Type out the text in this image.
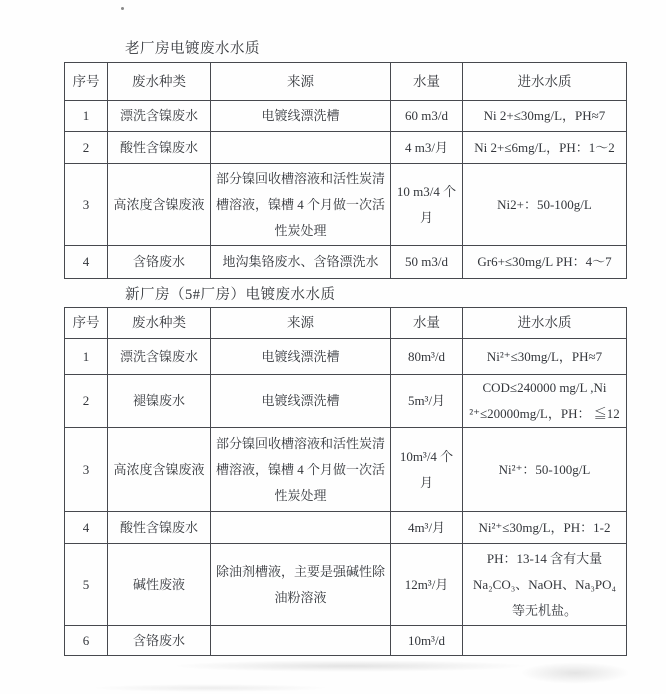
老厂房电镀废水水质
序号	废水种类	来源	水量	进水水质
1	漂洗含镍废水	电镀线漂洗槽	60 m3/d	Ni 2+≤30mg/L，PH≈7
2	酸性含镍废水		4 m3/月	Ni 2+≤6mg/L，PH：1～2
3	高浓度含镍废液	部分镍回收槽溶液和活性炭清槽溶液，镍槽 4 个月做一次活性炭处理	10 m3/4 个月	Ni2+：50-100g/L
4	含铬废水	地沟集铬废水、含铬漂洗水	50 m3/d	Gr6+≤30mg/L PH：4～7
新厂房（5#厂房）电镀废水水质
序号	废水种类	来源	水量	进水水质
1	漂洗含镍废水	电镀线漂洗槽	80m³/d	Ni²⁺≤30mg/L，PH≈7
2	褪镍废水	电镀线漂洗槽	5m³/月	COD≤240000 mg/L ,Ni ²⁺≤20000mg/L，PH： ≦12
3	高浓度含镍废液	部分镍回收槽溶液和活性炭清槽溶液，镍槽 4 个月做一次活性炭处理	10m³/4 个月	Ni²⁺：50-100g/L
4	酸性含镍废水		4m³/月	Ni²⁺≤30mg/L，PH：1-2
5	碱性废液	除油剂槽液，主要是强碱性除油粉溶液	12m³/月	PH：13-14 含有大量 Na₂CO₃、NaOH、Na₃PO₄ 等无机盐。
6	含铬废水		10m³/d	
